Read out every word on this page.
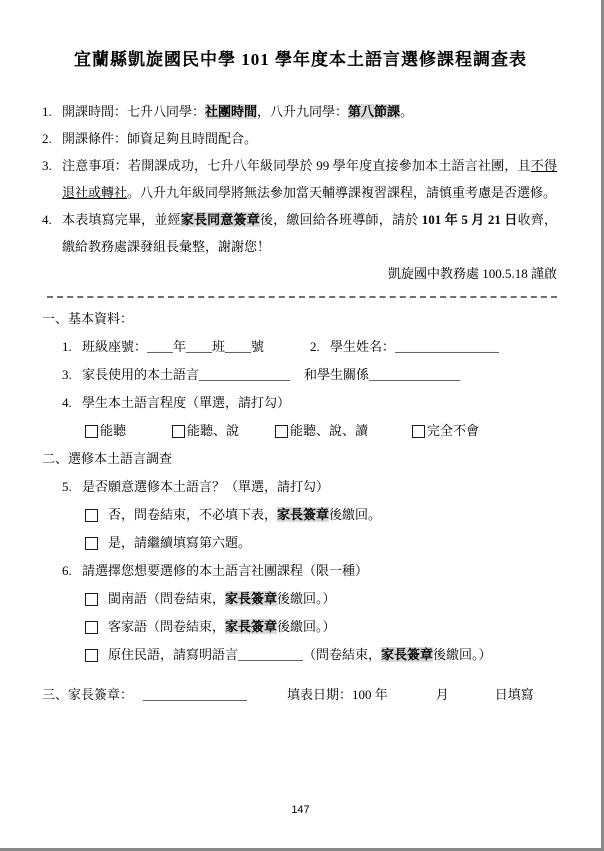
宜蘭縣凱旋國民中學 101 學年度本土語言選修課程調查表
1. 開課時間：七升八同學：社團時間，八升九同學：第八節課。
2. 開課條件：師資足夠且時間配合。
3. 注意事項：若開課成功，七升八年級同學於 99 學年度直接參加本土語言社團，且不得退社或轉社。八升九年級同學將無法參加當天輔導課複習課程，請慎重考慮是否選修。
4. 本表填寫完畢，並經家長同意簽章後，繳回給各班導師，請於 101 年 5 月 21 日收齊，繳給教務處課發組長彙整，謝謝您！
凱旋國中教務處 100.5.18 謹啟
一、基本資料：
1. 班級座號：____年____班____號	2. 學生姓名：________________
3. 家長使用的本土語言______________ 和學生關係______________
4. 學生本土語言程度（單選，請打勾）
能聽	能聽、說	能聽、說、讀	完全不會
二、選修本土語言調查
5. 是否願意選修本土語言？（單選，請打勾）
否，問卷結束，不必填下表，家長簽章後繳回。
是，請繼續填寫第六題。
6. 請選擇您想要選修的本土語言社團課程（限一種）
閩南語（問卷結束，家長簽章後繳回。）
客家語（問卷結束，家長簽章後繳回。）
原住民語，請寫明語言__________（問卷結束，家長簽章後繳回。）
三、家長簽章： ________________	填表日期：100 年	月	日填寫
147
